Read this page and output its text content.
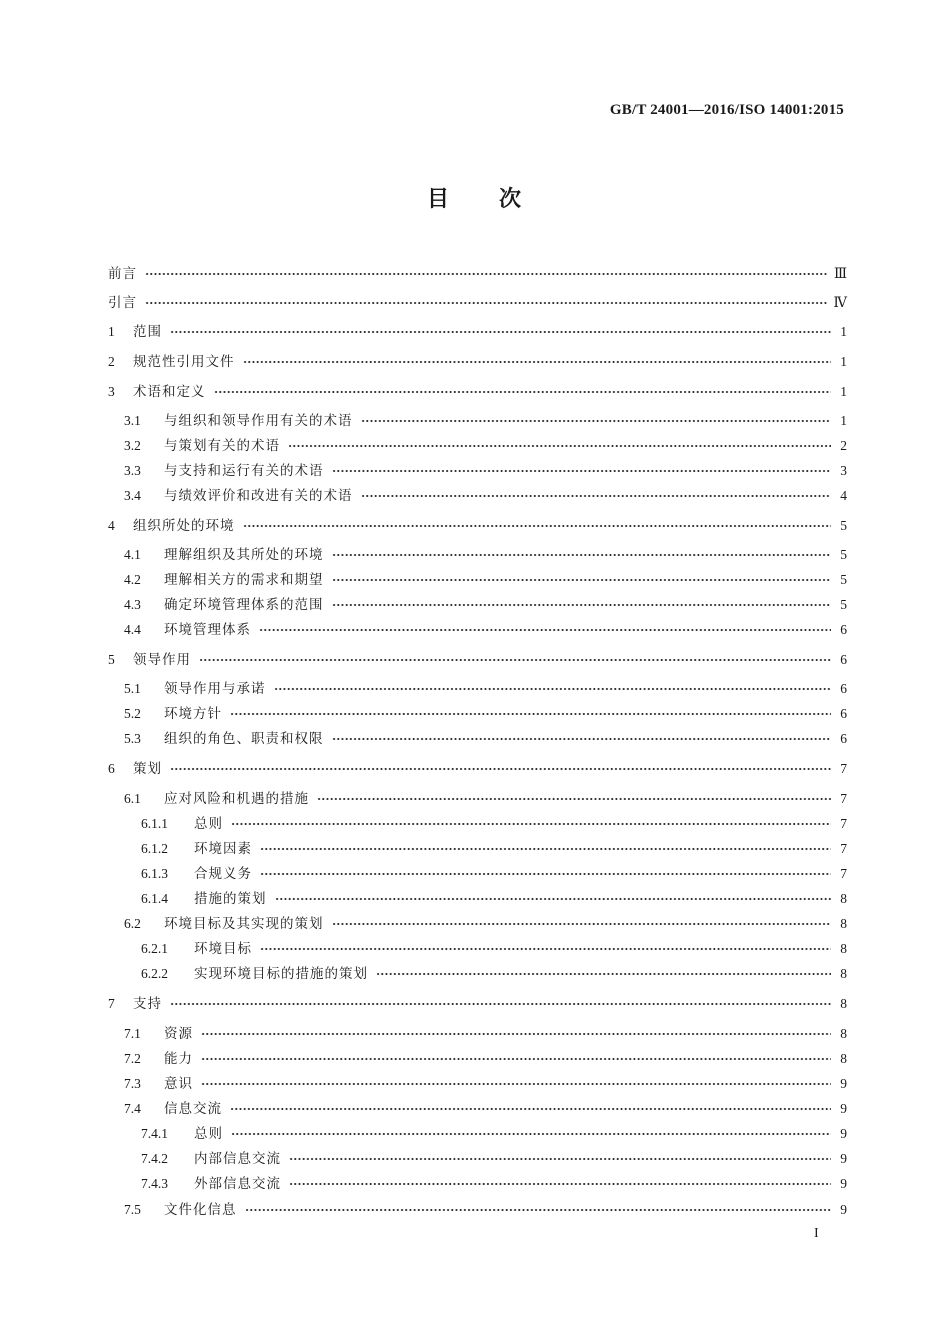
GB/T 24001—2016/ISO 14001:2015
目 次
前言	Ⅲ
引言	Ⅳ
1	范围	1
2	规范性引用文件	1
3	术语和定义	1
3.1	与组织和领导作用有关的术语	1
3.2	与策划有关的术语	2
3.3	与支持和运行有关的术语	3
3.4	与绩效评价和改进有关的术语	4
4	组织所处的环境	5
4.1	理解组织及其所处的环境	5
4.2	理解相关方的需求和期望	5
4.3	确定环境管理体系的范围	5
4.4	环境管理体系	6
5	领导作用	6
5.1	领导作用与承诺	6
5.2	环境方针	6
5.3	组织的角色、职责和权限	6
6	策划	7
6.1	应对风险和机遇的措施	7
6.1.1	总则	7
6.1.2	环境因素	7
6.1.3	合规义务	7
6.1.4	措施的策划	8
6.2	环境目标及其实现的策划	8
6.2.1	环境目标	8
6.2.2	实现环境目标的措施的策划	8
7	支持	8
7.1	资源	8
7.2	能力	8
7.3	意识	9
7.4	信息交流	9
7.4.1	总则	9
7.4.2	内部信息交流	9
7.4.3	外部信息交流	9
7.5	文件化信息	9
I
